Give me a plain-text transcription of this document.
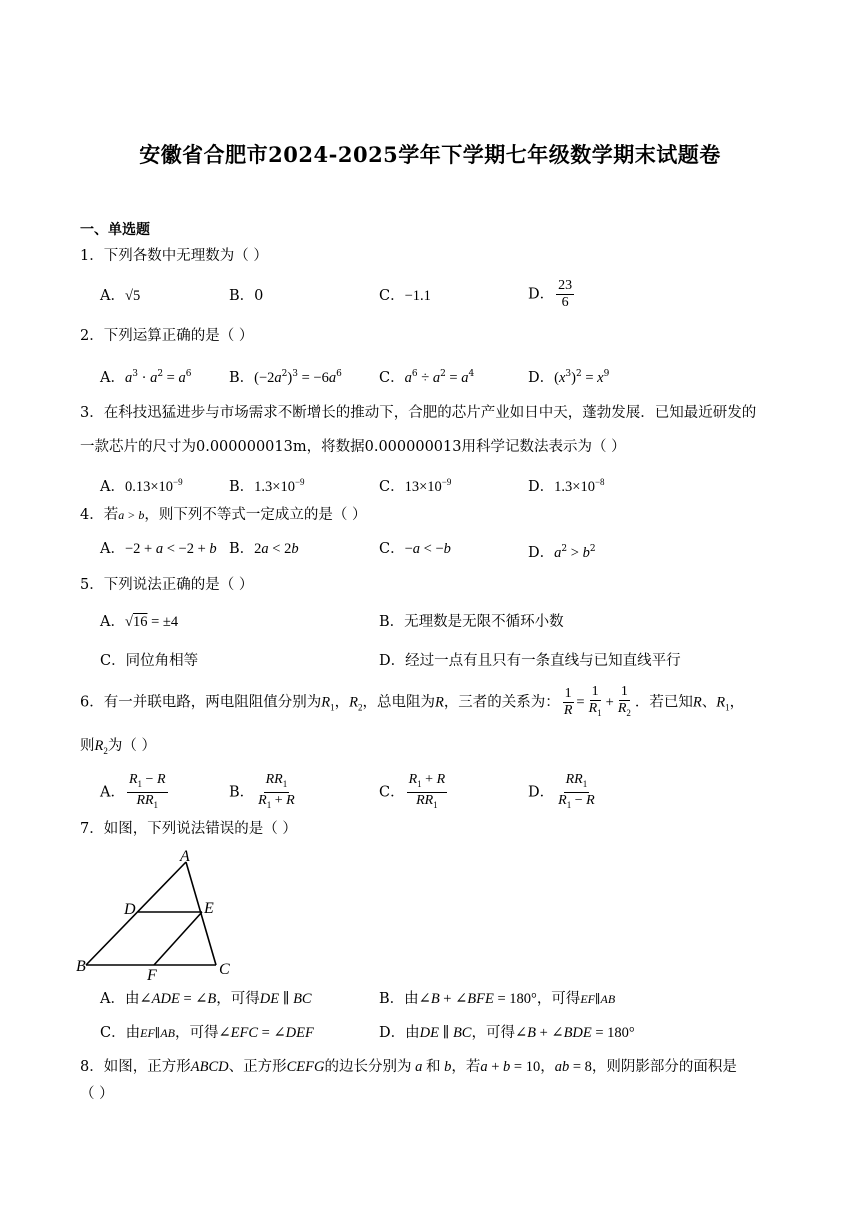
安徽省合肥市2024-2025学年下学期七年级数学期末试题卷
一、单选题
1．下列各数中无理数为（ ）
A．√5	B．0	C．−1.1	D． $\frac{23}{6}$
2．下列运算正确的是（ ）
A．$a^3 \cdot a^2 = a^6$	B．$(-2a^2)^3 = -6a^6$	C．$a^6 \div a^2 = a^4$	D．$(x^3)^2 = x^9$
3．在科技迅猛进步与市场需求不断增长的推动下，合肥的芯片产业如日中天，蓬勃发展．已知最近研发的
一款芯片的尺寸为0.000000013m，将数据0.000000013用科学记数法表示为（ ）
A．$0.13\times 10^{-9}$	B．$1.3\times 10^{-9}$	C．$13\times 10^{-9}$	D．$1.3\times 10^{-8}$
4．若a > b，则下列不等式一定成立的是（ ）
A．−2 + a < −2 + b B．2a < 2b	C．−a < −b	D．$a^2 > b^2$
5．下列说法正确的是（ ）
A．√16 = ±4	B．无理数是无限不循环小数
C．同位角相等	D．经过一点有且只有一条直线与已知直线平行
6．有一并联电路，两电阻阻值分别为$R_1$，$R_2$，总电阻为R，三者的关系为： $\frac{1}{R} = \frac{1}{R_1} + \frac{1}{R_2}$ ．若已知R、$R_1$，
则$R_2$为（ ）
A． $\frac{R_1 - R}{RR_1}$	B． $\frac{RR_1}{R_1 + R}$	C． $\frac{R_1 + R}{RR_1}$	D． $\frac{RR_1}{R_1 - R}$
7．如图，下列说法错误的是（ ）
A
B	C
D	E
F
A．由∠ADE = ∠B，可得DE ∥ BC	B．由∠B + ∠BFE = 180°，可得EF∥AB
C．由EF∥AB，可得∠EFC = ∠DEF	D．由DE ∥ BC，可得∠B + ∠BDE = 180°
8．如图，正方形ABCD、正方形CEFG的边长分别为 a 和 b，若a + b = 10，ab = 8，则阴影部分的面积是
（ ）
